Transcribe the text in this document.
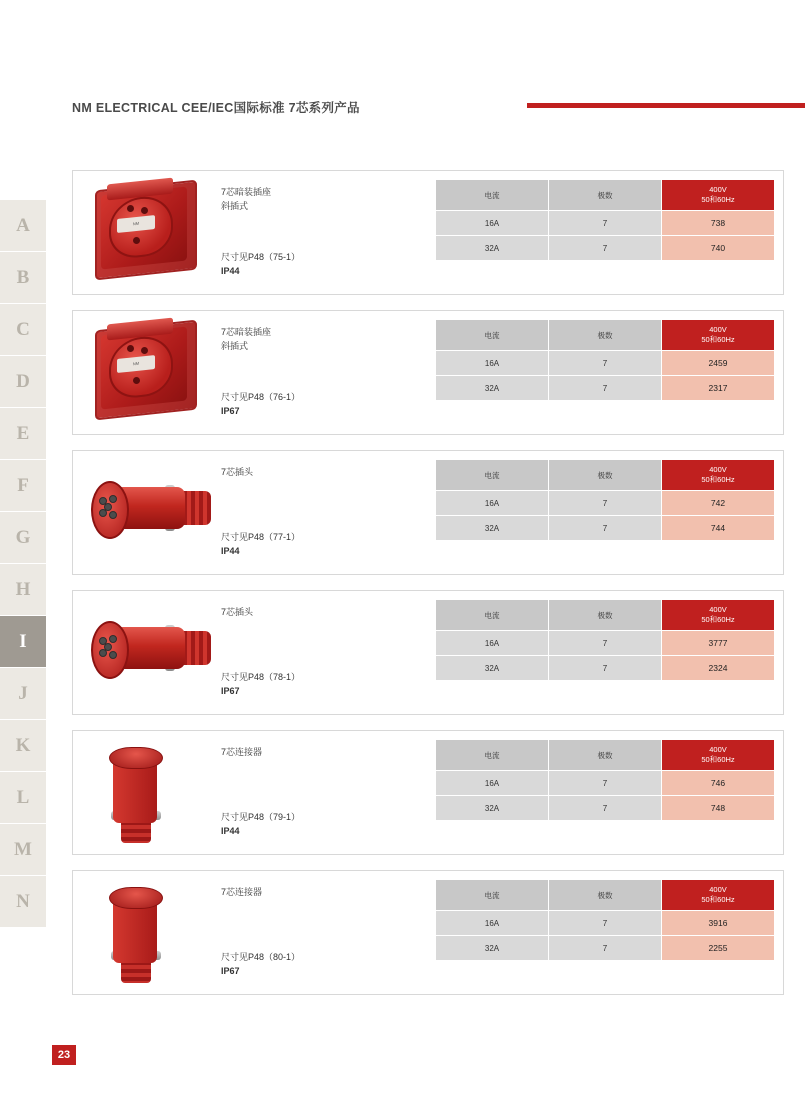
NM ELECTRICAL CEE/IEC国际标准 7芯系列产品
A
B
C
D
E
F
G
H
I
J
K
L
M
N
NM
7芯暗装插座
斜插式
尺寸见P48（75-1）
IP44
电流	极数	400V
50和60Hz
16A	7	738
32A	7	740
NM
7芯暗装插座
斜插式
尺寸见P48（76-1）
IP67
电流	极数	400V
50和60Hz
16A	7	2459
32A	7	2317
7芯插头
尺寸见P48（77-1）
IP44
电流	极数	400V
50和60Hz
16A	7	742
32A	7	744
7芯插头
尺寸见P48（78-1）
IP67
电流	极数	400V
50和60Hz
16A	7	3777
32A	7	2324
7芯连接器
尺寸见P48（79-1）
IP44
电流	极数	400V
50和60Hz
16A	7	746
32A	7	748
7芯连接器
尺寸见P48（80-1）
IP67
电流	极数	400V
50和60Hz
16A	7	3916
32A	7	2255
23
